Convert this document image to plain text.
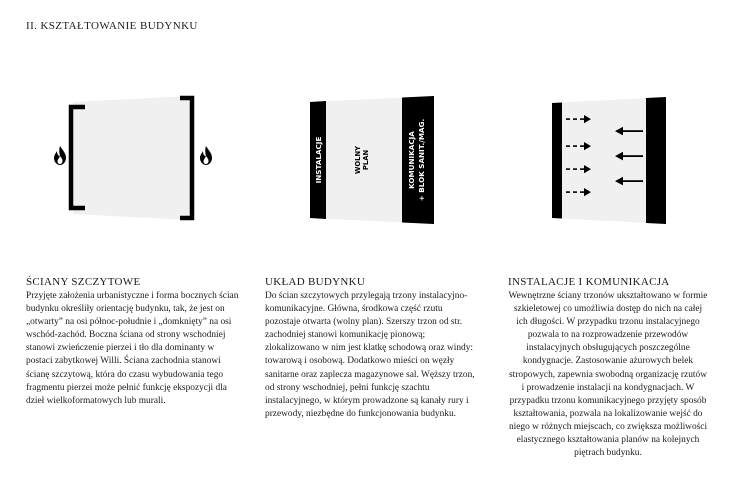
II. KSZTAŁTOWANIE BUDYNKU
INSTALACJE	WOLNY PLAN	KOMUNIKACJA + BLOK SANIT./MAG.
ŚCIANY SZCZYTOWE

Przyjęte założenia urbanistyczne i forma bocznych ścian budynku określiły orientację budynku, tak, że jest on „otwarty” na osi północ-południe i „domknięty” na osi wschód-zachód. Boczna ściana od strony wschodniej stanowi zwieńczenie pierzei i tło dla dominanty w postaci zabytkowej Willi. Ściana zachodnia stanowi ścianę szczytową, która do czasu wybudowania tego fragmentu pierzei może pełnić funkcję ekspozycji dla dzieł wielkoformatowych lub murali.

UKŁAD BUDYNKU

Do ścian szczytowych przylegają trzony instalacyjno-komunikacyjne. Główna, środkowa część rzutu pozostaje otwarta (wolny plan). Szerszy trzon od str. zachodniej stanowi komunikację pionową; zlokalizowano w nim jest klatkę schodową oraz windy: towarową i osobową. Dodatkowo mieści on węzły sanitarne oraz zaplecza magazynowe sal. Węższy trzon, od strony wschodniej, pełni funkcję szachtu instalacyjnego, w którym prowadzone są kanały rury i przewody, niezbędne do funkcjonowania budynku.

INSTALACJE I KOMUNIKACJA

Wewnętrzne ściany trzonów ukształtowano w formie szkieletowej co umożliwia dostęp do nich na całej ich długości. W przypadku trzonu instalacyjnego pozwala to na rozprowadzenie przewodów instalacyjnych obsługujących poszczególne kondygnacje. Zastosowanie ażurowych belek stropowych, zapewnia swobodną organizację rzutów i prowadzenie instalacji na kondygnacjach. W przypadku trzonu komunikacyjnego przyjęty sposób kształtowania, pozwala na lokalizowanie wejść do niego w różnych miejscach, co zwiększa możliwości elastycznego kształtowania planów na kolejnych piętrach budynku.
